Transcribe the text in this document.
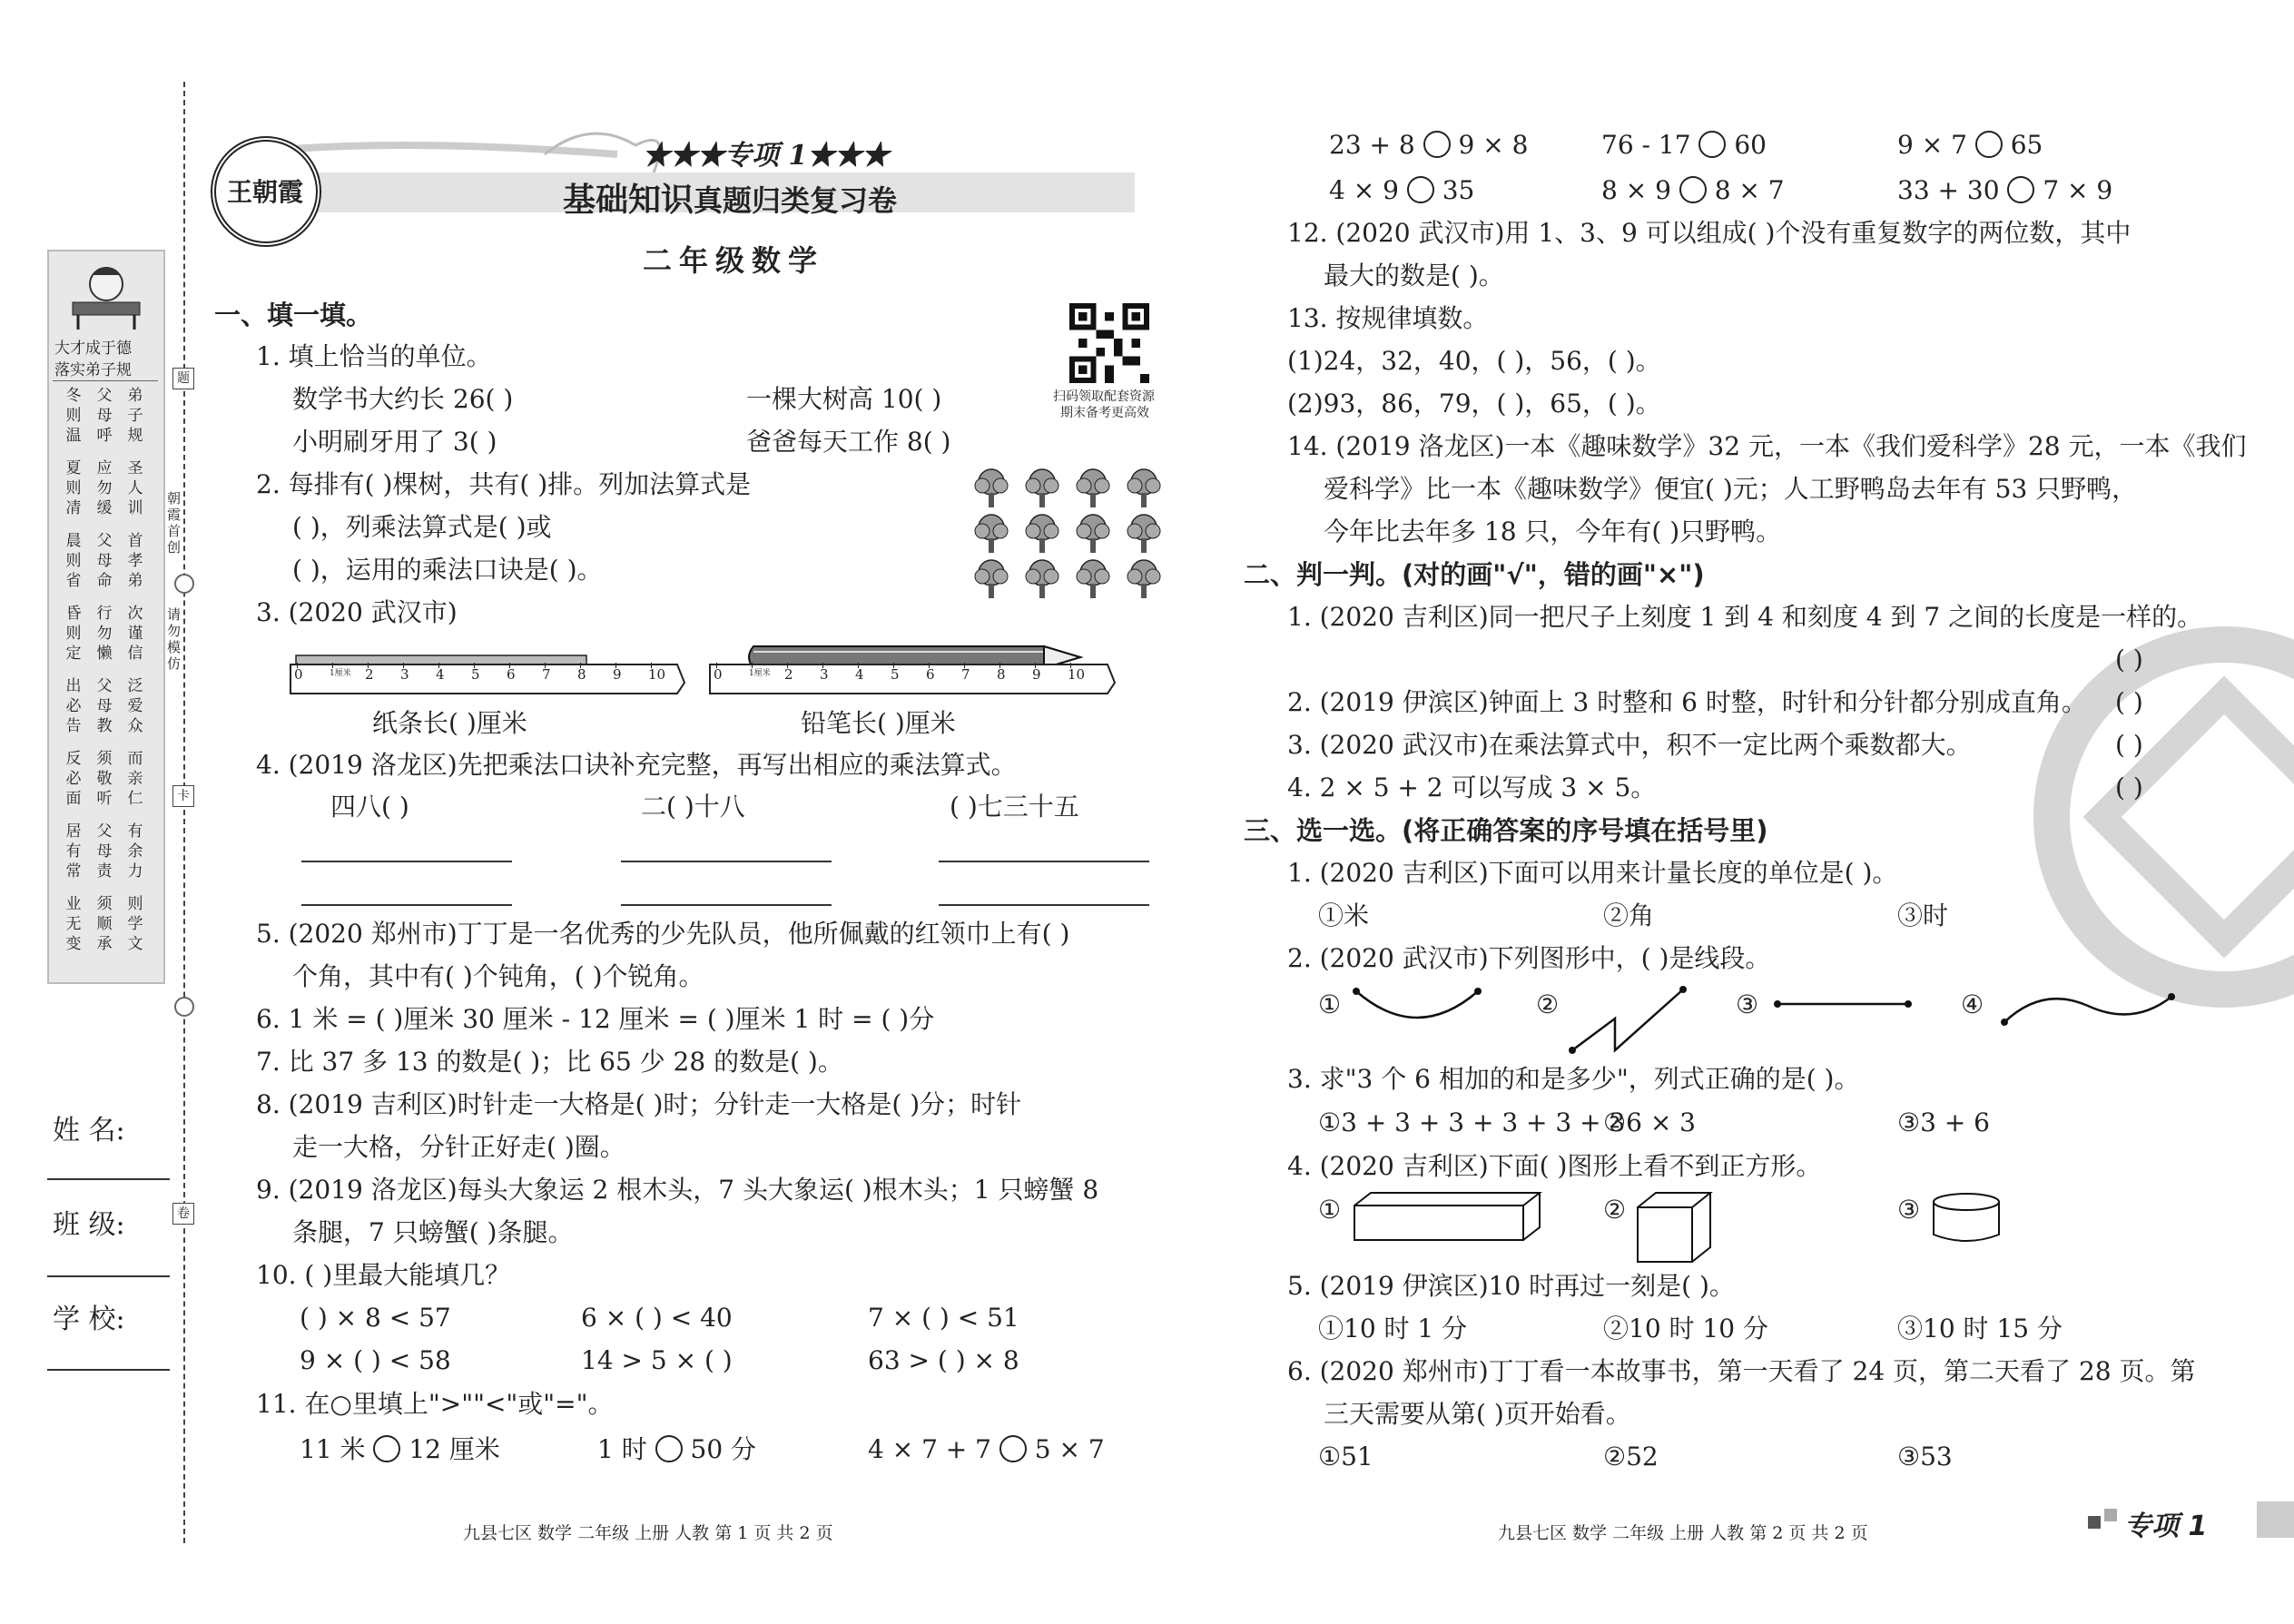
大才成于德
落实弟子规
冬则温
父母呼
弟子规
夏则凊
应勿缓
圣人训
晨则省
父母命
首孝弟
昏则定
行勿懒
次谨信
出必告
父母教
泛爱众
反必面
须敬听
而亲仁
居有常
父母责
有余力
业无变
须顺承
则学文
朝霞首创
请勿模仿
题
卡
卷
姓 名:
班 级:
学 校:
王朝霞
★★★专项 1★★★
基础知识真题归类复习卷
二年级数学
扫码领取配套资源
期末备考更高效
一、填一填。
1. 填上恰当的单位。
数学书大约长 26( )	一棵大树高 10( )
小明刷牙用了 3( )	爸爸每天工作 8( )
2. 每排有( )棵树，共有( )排。列加法算式是
( )，列乘法算式是( )或
( )，运用的乘法口诀是( )。
3. (2020 武汉市)
0	1厘米 2 3 4 5 6 7 8 9 10	0	1厘米 2 3 4 5 6 7 8 9 10
纸条长( )厘米	铅笔长( )厘米
4. (2019 洛龙区)先把乘法口诀补充完整，再写出相应的乘法算式。
四八( )	二( )十八	( )七三十五
5. (2020 郑州市)丁丁是一名优秀的少先队员，他所佩戴的红领巾上有( )
个角，其中有( )个钝角，( )个锐角。
6. 1 米 = ( )厘米 30 厘米 - 12 厘米 = ( )厘米 1 时 = ( )分
7. 比 37 多 13 的数是( )；比 65 少 28 的数是( )。
8. (2019 吉利区)时针走一大格是( )时；分针走一大格是( )分；时针
走一大格，分针正好走( )圈。
9. (2019 洛龙区)每头大象运 2 根木头，7 头大象运( )根木头；1 只螃蟹 8
条腿，7 只螃蟹( )条腿。
10. ( )里最大能填几？
( ) × 8 < 57	6 × ( ) < 40	7 × ( ) < 51
9 × ( ) < 58	14 > 5 × ( )	63 > ( ) × 8
11. 在○里填上">""<"或"="。
11 米 12 厘米	1 时 50 分	4 × 7 + 7 5 × 7
九县七区 数学 二年级 上册 人教 第 1 页 共 2 页
23 + 8 9 × 8	76 - 17 60	9 × 7 65
4 × 9 35	8 × 9 8 × 7	33 + 30 7 × 9
12. (2020 武汉市)用 1、3、9 可以组成( )个没有重复数字的两位数，其中
最大的数是( )。
13. 按规律填数。
(1)24，32，40，( )，56，( )。
(2)93，86，79，( )，65，( )。
14. (2019 洛龙区)一本《趣味数学》32 元，一本《我们爱科学》28 元，一本《我们
爱科学》比一本《趣味数学》便宜( )元；人工野鸭岛去年有 53 只野鸭，
今年比去年多 18 只，今年有( )只野鸭。
二、判一判。(对的画"√"，错的画"×")
1. (2020 吉利区)同一把尺子上刻度 1 到 4 和刻度 4 到 7 之间的长度是一样的。
( )
2. (2019 伊滨区)钟面上 3 时整和 6 时整，时针和分针都分别成直角。 ( )
3. (2020 武汉市)在乘法算式中，积不一定比两个乘数都大。	( )
4. 2 × 5 + 2 可以写成 3 × 5。	( )
三、选一选。(将正确答案的序号填在括号里)
1. (2020 吉利区)下面可以用来计量长度的单位是( )。
①米	②角	③时
2. (2020 武汉市)下列图形中，( )是线段。
①	②	③	④
3. 求"3 个 6 相加的和是多少"，列式正确的是( )。
①3 + 3 + 3 + 3 + 3 + 3
②6 × 3	③3 + 6
4. (2020 吉利区)下面( )图形上看不到正方形。
①	②	③
5. (2019 伊滨区)10 时再过一刻是( )。
①10 时 1 分	②10 时 10 分	③10 时 15 分
6. (2020 郑州市)丁丁看一本故事书，第一天看了 24 页，第二天看了 28 页。第
三天需要从第( )页开始看。
①51	②52	③53
九县七区 数学 二年级 上册 人教 第 2 页 共 2 页	专项 1
